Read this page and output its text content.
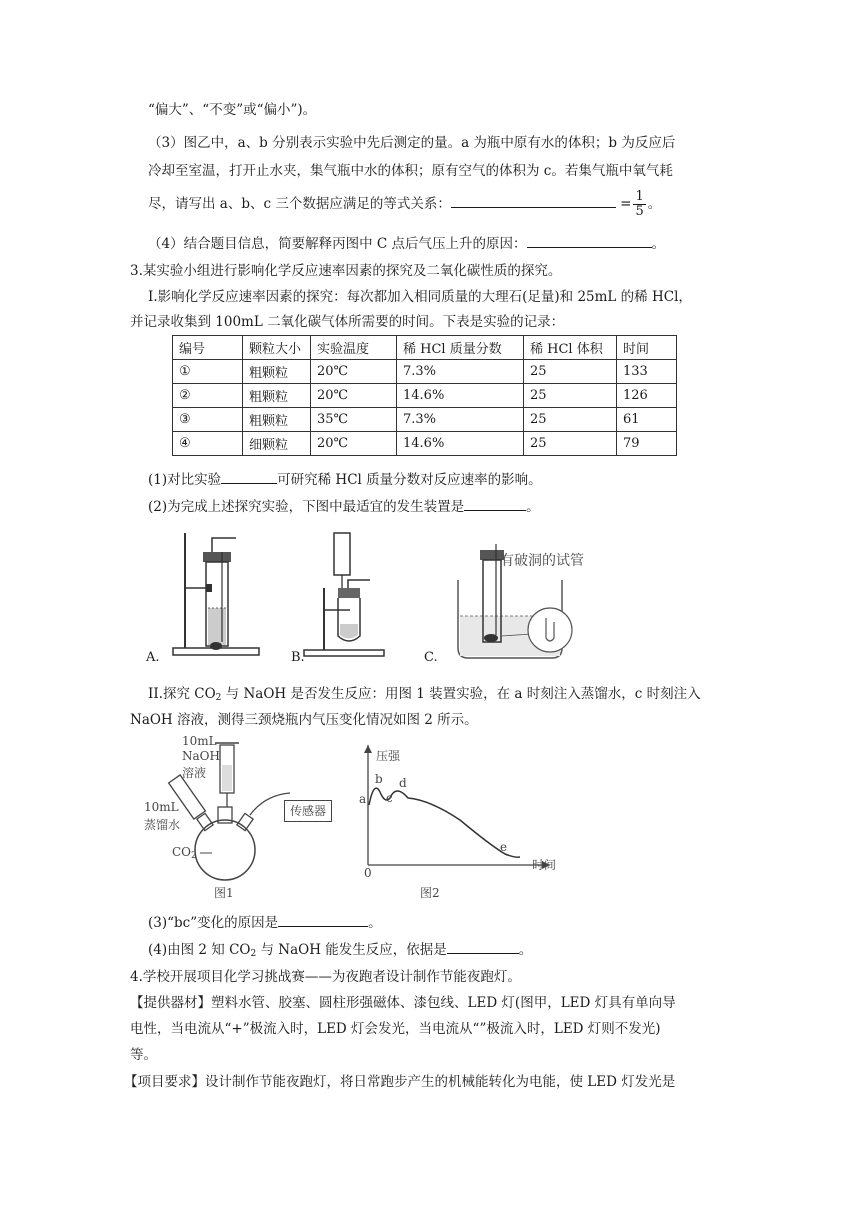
“偏大”、“不变”或“偏小”)。
（3）图乙中，a、b 分别表示实验中先后测定的量。a 为瓶中原有水的体积；b 为反应后
冷却至室温，打开止水夹，集气瓶中水的体积；原有空气的体积为 c。若集气瓶中氧气耗
尽，请写出 a、b、c 三个数据应满足的等式关系：	= $\frac{1}{5}$ 。
（4）结合题目信息，简要解释丙图中 C 点后气压上升的原因：	。
3.某实验小组进行影响化学反应速率因素的探究及二氧化碳性质的探究。
I.影响化学反应速率因素的探究：每次都加入相同质量的大理石(足量)和 25mL 的稀 HCl，
并记录收集到 100mL 二氧化碳气体所需要的时间。下表是实验的记录：
编号	颗粒大小	实验温度	稀 HCl 质量分数	稀 HCl 体积	时间
①	粗颗粒	20℃	7.3%	25	133
②	粗颗粒	20℃	14.6%	25	126
③	粗颗粒	35℃	7.3%	25	61
④	细颗粒	20℃	14.6%	25	79
(1)对比实验	可研究稀 HCl 质量分数对反应速率的影响。
(2)为完成上述探究实验，下图中最适宜的发生装置是	。
A.	B.
有破洞的试管
C.
II.探究 $CO_2$ 与 NaOH 是否发生反应：用图 1 装置实验，在 a 时刻注入蒸馏水，c 时刻注入
NaOH 溶液，测得三颈烧瓶内气压变化情况如图 2 所示。
10mL
NaOH
溶液
10mL
蒸馏水
传感器
$CO_2$
图1
压强
时间
0
a
b
c
d
e
图2
(3)“bc”变化的原因是	。
(4)由图 2 知 $CO_2$ 与 NaOH 能发生反应，依据是	。
4.学校开展项目化学习挑战赛——为夜跑者设计制作节能夜跑灯。
【提供器材】塑料水管、胶塞、圆柱形强磁体、漆包线、LED 灯(图甲，LED 灯具有单向导
电性，当电流从“+”极流入时，LED 灯会发光，当电流从“”极流入时，LED 灯则不发光)
等。
【项目要求】设计制作节能夜跑灯，将日常跑步产生的机械能转化为电能，使 LED 灯发光是
